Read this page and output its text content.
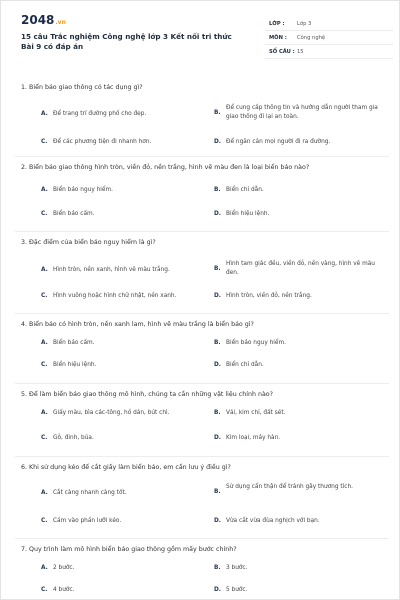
2048.vn
15 câu Trắc nghiệm Công nghệ lớp 3 Kết nối tri thức Bài 9 có đáp án
LỚP : Lớp 3
MÔN : Công nghệ
SỐ CÂU : 15
1. Biển báo giao thông có tác dụng gì?
A. Để trang trí đường phố cho đẹp.	B.
Để cung cấp thông tin và hướng dẫn người tham gia giao thông đi lại an toàn.
C. Để các phương tiện đi nhanh hơn.	D. Để ngăn cản mọi người đi ra đường.
2. Biển báo giao thông hình tròn, viền đỏ, nền trắng, hình vẽ màu đen là loại biển báo nào?
A. Biển báo nguy hiểm.	B. Biển chỉ dẫn.
C. Biển báo cấm.	D. Biển hiệu lệnh.
3. Đặc điểm của biển báo nguy hiểm là gì?
A. Hình tròn, nền xanh, hình vẽ màu trắng.	B.
Hình tam giác đều, viền đỏ, nền vàng, hình vẽ màu đen.
C. Hình vuông hoặc hình chữ nhật, nền xanh.	D. Hình tròn, viền đỏ, nền trắng.
4. Biển báo có hình tròn, nền xanh lam, hình vẽ màu trắng là biển báo gì?
A. Biển báo cấm.	B. Biển báo nguy hiểm.
C. Biển hiệu lệnh.	D. Biển chỉ dẫn.
5. Để làm biển báo giao thông mô hình, chúng ta cần những vật liệu chính nào?
A. Giấy màu, bìa các-tông, hồ dán, bút chì.	B. Vải, kim chỉ, đất sét.
C. Gỗ, đinh, búa.	D. Kim loại, máy hàn.
6. Khi sử dụng kéo để cắt giấy làm biển báo, em cần lưu ý điều gì?
A. Cắt càng nhanh càng tốt.	B.
Sử dụng cẩn thận để tránh gây thương tích.
C. Cầm vào phần lưỡi kéo.	D. Vừa cắt vừa đùa nghịch với bạn.
7. Quy trình làm mô hình biển báo giao thông gồm mấy bước chính?
A. 2 bước.	B. 3 bước.
C. 4 bước.	D. 5 bước.
